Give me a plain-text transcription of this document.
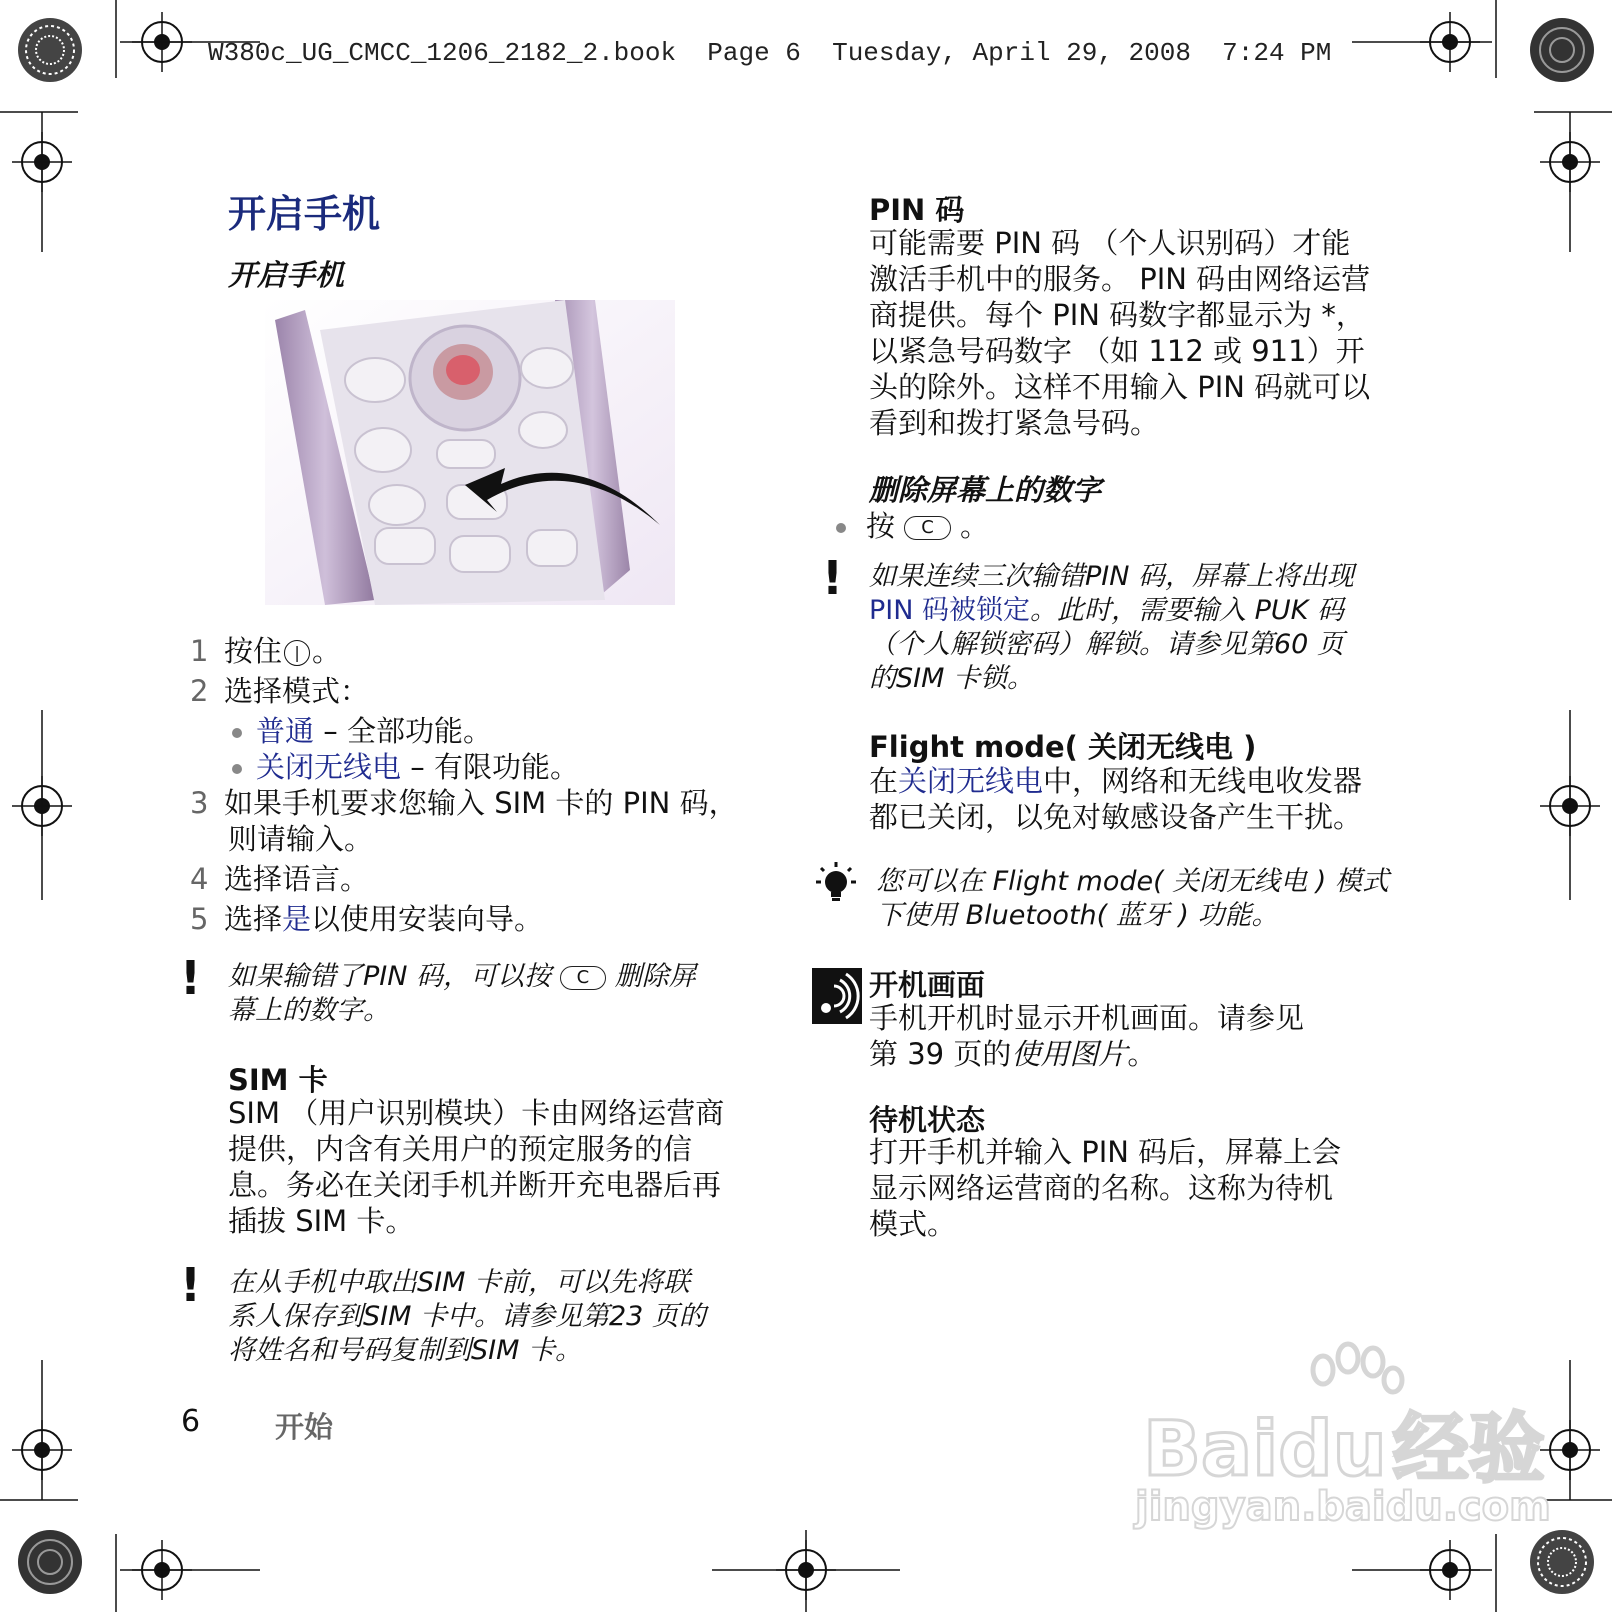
W380c_UG_CMCC_1206_2182_2.book  Page 6  Tuesday, April 29, 2008  7:24 PM
开启手机
开启手机
1 按住 | 。
2 选择模式：
普通 – 全部功能。
关闭无线电 – 有限功能。
3 如果手机要求您输入 SIM 卡的 PIN 码，
则请输入。
4 选择语言。
5 选择是以使用安装向导。
! 如果输错了PIN 码，可以按 C 删除屏
幕上的数字。
SIM 卡
SIM （用户识别模块）卡由网络运营商
提供，内含有关用户的预定服务的信
息。务必在关闭手机并断开充电器后再
插拔 SIM 卡。
! 在从手机中取出SIM 卡前，可以先将联
系人保存到SIM 卡中。请参见第23 页的
将姓名和号码复制到SIM 卡。
6	开始
PIN 码
可能需要 PIN 码 （个人识别码）才能
激活手机中的服务。 PIN 码由网络运营
商提供。每个 PIN 码数字都显示为 *，
以紧急号码数字 （如 112 或 911）开
头的除外。这样不用输入 PIN 码就可以
看到和拨打紧急号码。
删除屏幕上的数字
按 C 。
! 如果连续三次输错PIN 码，屏幕上将出现
PIN 码被锁定。此时，需要输入 PUK 码
（个人解锁密码）解锁。请参见第60 页
的SIM 卡锁。
Flight mode( 关闭无线电 )
在关闭无线电中，网络和无线电收发器
都已关闭，以免对敏感设备产生干扰。
您可以在 Flight mode( 关闭无线电 ) 模式
下使用 Bluetooth( 蓝牙 ) 功能。
开机画面
手机开机时显示开机画面。请参见
第 39 页的使用图片。
待机状态
打开手机并输入 PIN 码后，屏幕上会
显示网络运营商的名称。这称为待机
模式。
Baidu经验
jingyan.baidu.com
